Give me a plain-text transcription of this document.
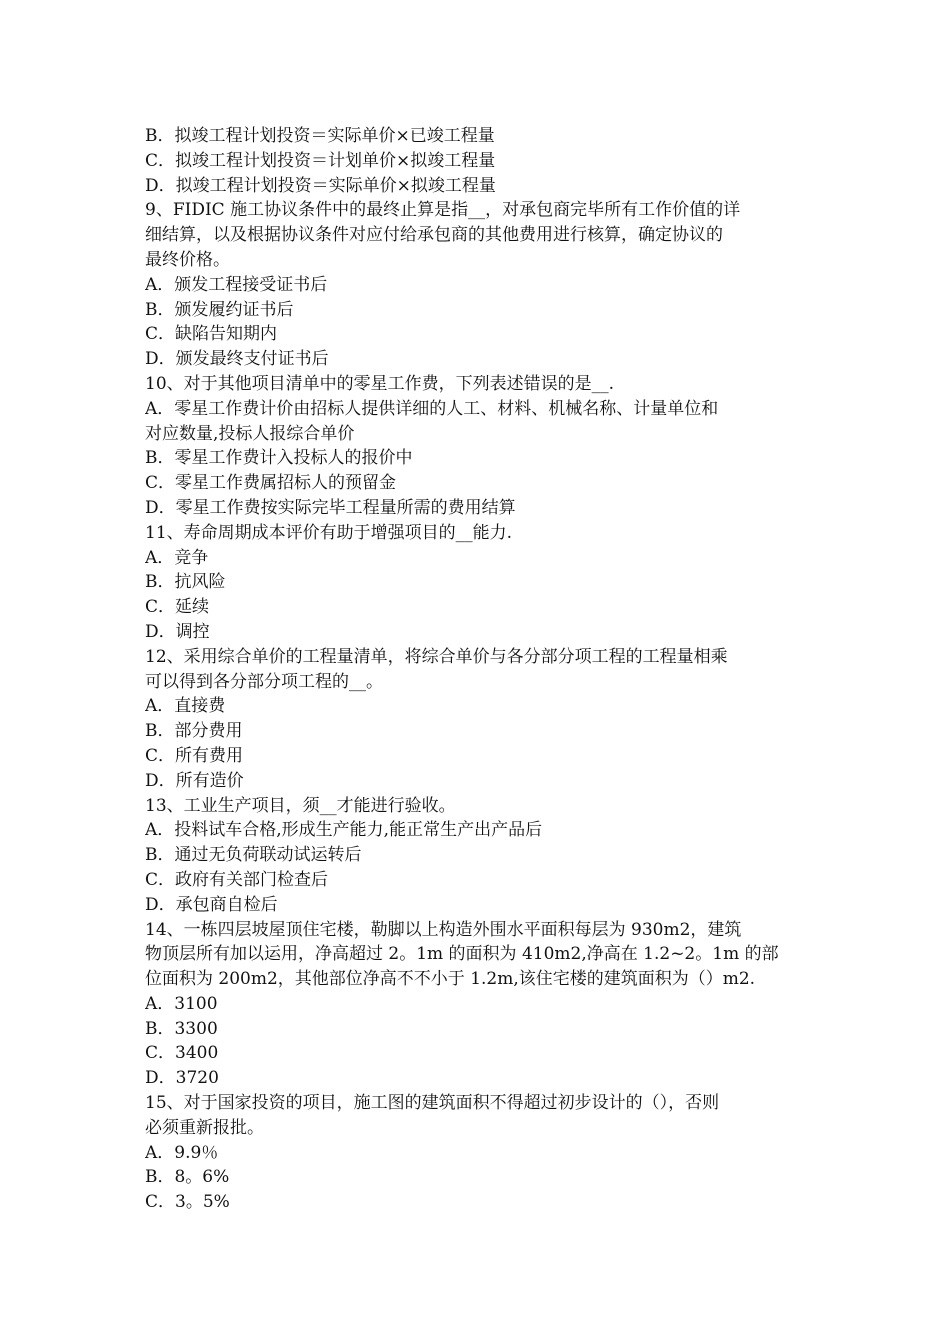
B．拟竣工程计划投资＝实际单价×已竣工程量

C．拟竣工程计划投资＝计划单价×拟竣工程量

D．拟竣工程计划投资＝实际单价×拟竣工程量

9、FIDIC 施工协议条件中的最终止算是指__，对承包商完毕所有工作价值的详

细结算，以及根据协议条件对应付给承包商的其他费用进行核算，确定协议的

最终价格。

A．颁发工程接受证书后

B．颁发履约证书后

C．缺陷告知期内

D．颁发最终支付证书后

10、对于其他项目清单中的零星工作费，下列表述错误的是__.

A．零星工作费计价由招标人提供详细的人工、材料、机械名称、计量单位和

对应数量,投标人报综合单价

B．零星工作费计入投标人的报价中

C．零星工作费属招标人的预留金

D．零星工作费按实际完毕工程量所需的费用结算

11、寿命周期成本评价有助于增强项目的__能力.

A．竞争

B．抗风险

C．延续

D．调控

12、采用综合单价的工程量清单，将综合单价与各分部分项工程的工程量相乘

可以得到各分部分项工程的__。

A．直接费

B．部分费用

C．所有费用

D．所有造价

13、工业生产项目，须__才能进行验收。

A．投料试车合格,形成生产能力,能正常生产出产品后

B．通过无负荷联动试运转后

C．政府有关部门检查后

D．承包商自检后

14、一栋四层坡屋顶住宅楼，勒脚以上构造外围水平面积每层为 930m2，建筑

物顶层所有加以运用，净高超过 2。1m 的面积为 410m2,净高在 1.2~2。1m 的部

位面积为 200m2，其他部位净高不不小于 1.2m,该住宅楼的建筑面积为（）m2.

A．3100

B．3300

C．3400

D．3720

15、对于国家投资的项目，施工图的建筑面积不得超过初步设计的（），否则

必须重新报批。

A．9.9％

B．8。6%

C．3。5%
